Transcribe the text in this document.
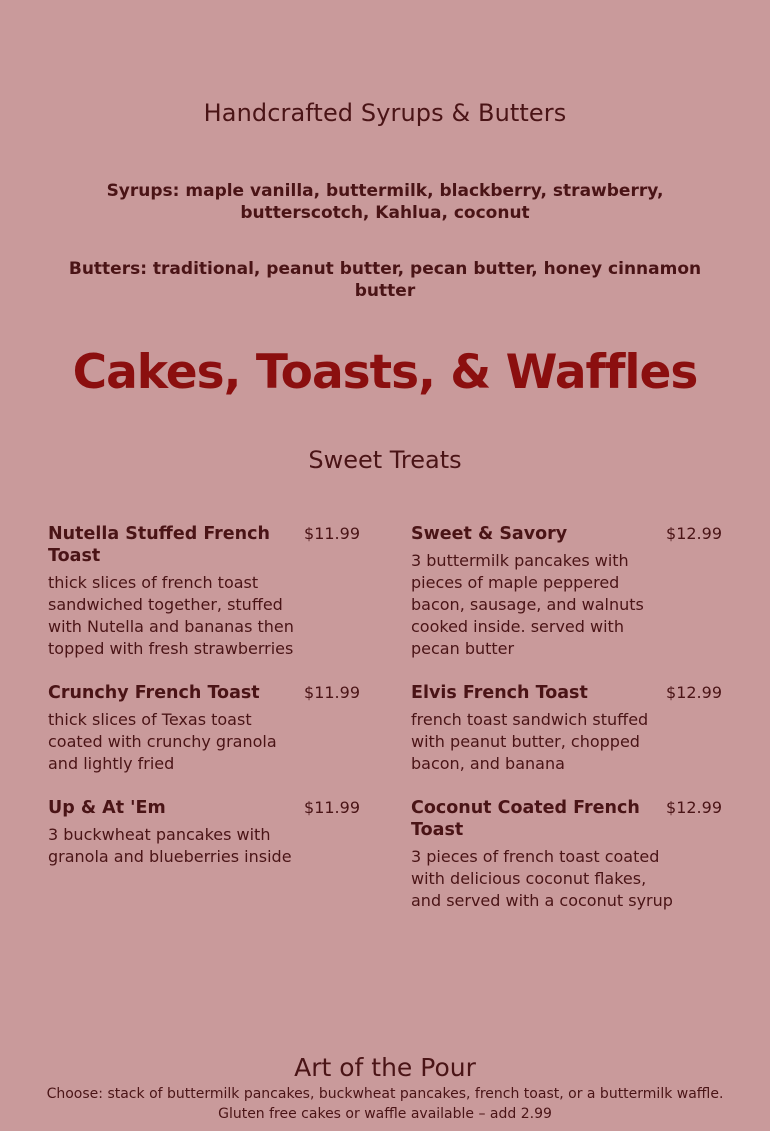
Handcrafted Syrups & Butters
Syrups: maple vanilla, buttermilk, blackberry, strawberry, butterscotch, Kahlua, coconut
Butters: traditional, peanut butter, pecan butter, honey cinnamon butter
Cakes, Toasts, & Waffles
Sweet Treats
Nutella Stuffed French Toast
$11.99
thick slices of french toast sandwiched together, stuffed with Nutella and bananas then topped with fresh strawberries
Crunchy French Toast	$11.99
thick slices of Texas toast coated with crunchy granola and lightly fried
Up & At 'Em	$11.99
3 buckwheat pancakes with granola and blueberries inside
Sweet & Savory	$12.99
3 buttermilk pancakes with pieces of maple peppered bacon, sausage, and walnuts cooked inside. served with pecan butter
Elvis French Toast	$12.99
french toast sandwich stuffed with peanut butter, chopped bacon, and banana
Coconut Coated French Toast
$12.99
3 pieces of french toast coated with delicious coconut flakes, and served with a coconut syrup
Art of the Pour
Choose: stack of buttermilk pancakes, buckwheat pancakes, french toast, or a buttermilk waffle.
Gluten free cakes or waffle available – add 2.99
